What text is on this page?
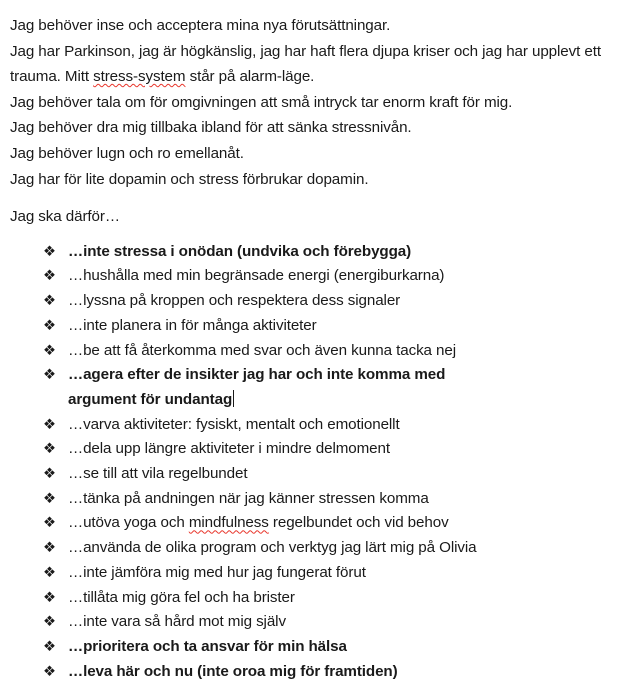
Jag behöver inse och acceptera mina nya förutsättningar.
Jag har Parkinson, jag är högkänslig, jag har haft flera djupa kriser och jag har upplevt ett trauma. Mitt stress-system står på alarm-läge.
Jag behöver tala om för omgivningen att små intryck tar enorm kraft för mig.
Jag behöver dra mig tillbaka ibland för att sänka stressnivån.
Jag behöver lugn och ro emellanåt.
Jag har för lite dopamin och stress förbrukar dopamin.
Jag ska därför…
❖ …inte stressa i onödan (undvika och förebygga)
❖ …hushålla med min begränsade energi (energiburkarna)
❖ …lyssna på kroppen och respektera dess signaler
❖ …inte planera in för många aktiviteter
❖ …be att få återkomma med svar och även kunna tacka nej
❖ …agera efter de insikter jag har och inte komma med
argument för undantag
❖ …varva aktiviteter: fysiskt, mentalt och emotionellt
❖ …dela upp längre aktiviteter i mindre delmoment
❖ …se till att vila regelbundet
❖ …tänka på andningen när jag känner stressen komma
❖ …utöva yoga och mindfulness regelbundet och vid behov
❖ …använda de olika program och verktyg jag lärt mig på Olivia
❖ …inte jämföra mig med hur jag fungerat förut
❖ …tillåta mig göra fel och ha brister
❖ …inte vara så hård mot mig själv
❖ …prioritera och ta ansvar för min hälsa
❖ …leva här och nu (inte oroa mig för framtiden)
